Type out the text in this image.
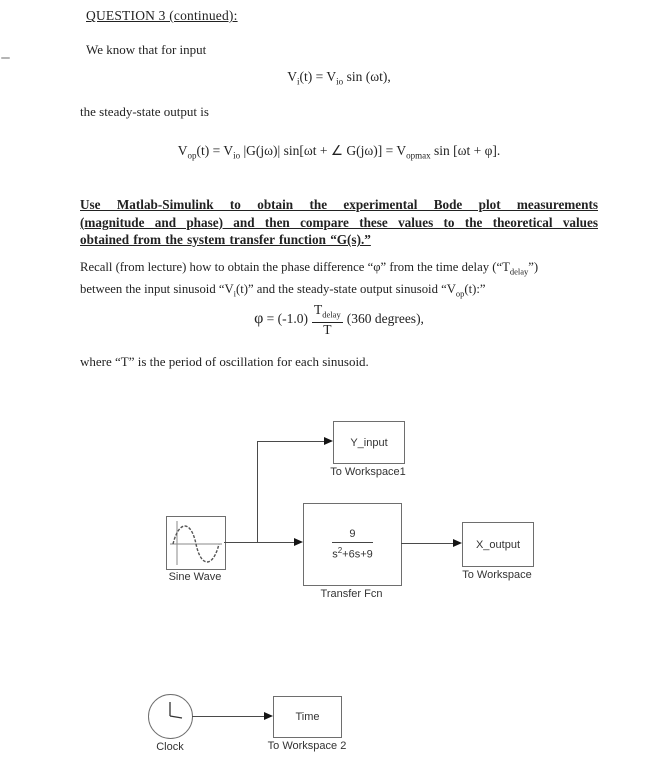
QUESTION 3 (continued):
We know that for input
$V_i(t) = V_{io}$ sin (ωt),
the steady-state output is
$V_{op}(t) = V_{io}$ |G(jω)| sin[ωt + ∠ $G(j\omega)] = V_{opmax}$ sin [ωt + φ].
Use Matlab-Simulink to obtain the experimental Bode plot measurements
(magnitude and phase) and then compare these values to the theoretical values
obtained from the system transfer function “G(s).”
Recall (from lecture) how to obtain the phase difference “φ” from the time delay $(“T_{delay}”)$
between the input sinusoid “$V_i(t)$” and the steady-state output sinusoid “$V_{op}(t)$:”
$\varphi = (-1.0) \frac{T_{delay}}{T} (360$ degrees),
where “T” is the period of oscillation for each sinusoid.
Y_input
To Workspace1
Sine Wave
$\frac{9}{s^2+6s+9}$
Transfer Fcn
X_output
To Workspace
Clock
Time
To Workspace 2
